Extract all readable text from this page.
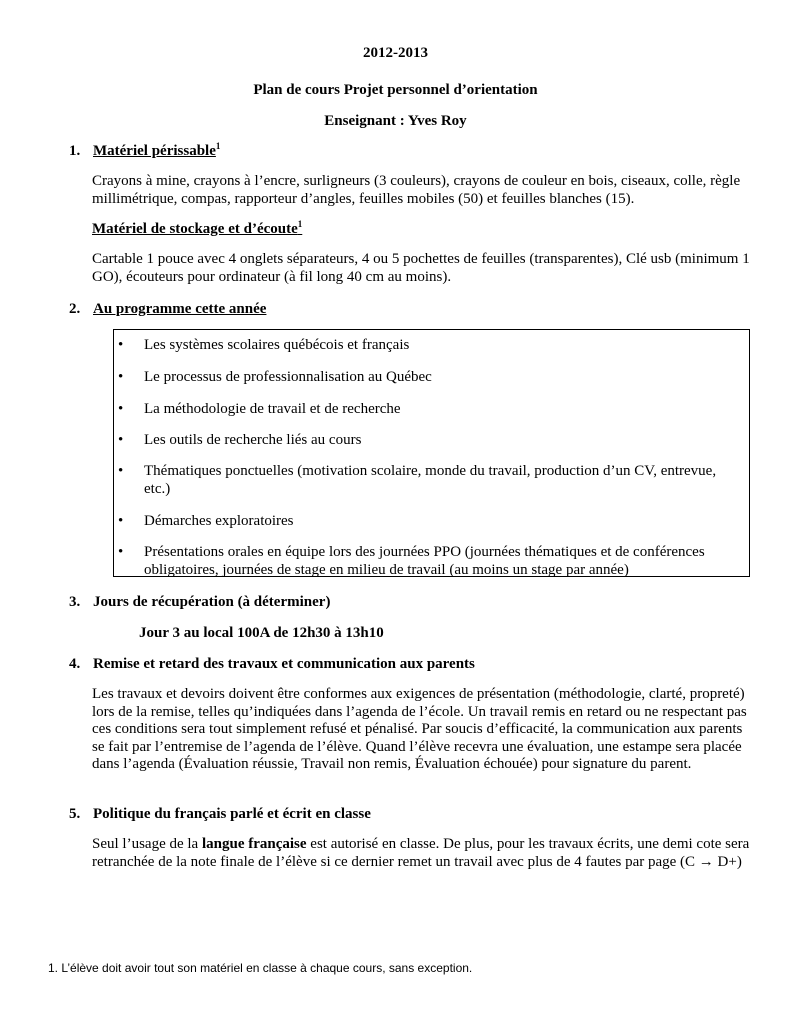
2012-2013
Plan de cours Projet personnel d’orientation
Enseignant : Yves Roy
1. Matériel périssable$^1$
Crayons à mine, crayons à l’encre, surligneurs (3 couleurs), crayons de couleur en bois, ciseaux, colle, règle millimétrique, compas, rapporteur d’angles, feuilles mobiles (50) et feuilles blanches (15).
Matériel de stockage et d’écoute$^1$
Cartable 1 pouce avec 4 onglets séparateurs, 4 ou 5 pochettes de feuilles (transparentes), Clé usb (minimum 1 GO), écouteurs pour ordinateur (à fil long 40 cm au moins).
2. Au programme cette année
• Les systèmes scolaires québécois et français
• Le processus de professionnalisation au Québec
• La méthodologie de travail et de recherche
• Les outils de recherche liés au cours
• Thématiques ponctuelles (motivation scolaire, monde du travail, production d’un CV, entrevue, etc.)
• Démarches exploratoires
• Présentations orales en équipe lors des journées PPO (journées thématiques et de conférences obligatoires, journées de stage en milieu de travail (au moins un stage par année)
3. Jours de récupération (à déterminer)
Jour 3 au local 100A de 12h30 à 13h10
4. Remise et retard des travaux et communication aux parents
Les travaux et devoirs doivent être conformes aux exigences de présentation (méthodologie, clarté, propreté) lors de la remise, telles qu’indiquées dans l’agenda de l’école. Un travail remis en retard ou ne respectant pas ces conditions sera tout simplement refusé et pénalisé. Par soucis d’efficacité, la communication aux parents se fait par l’entremise de l’agenda de l’élève. Quand l’élève recevra une évaluation, une estampe sera placée dans l’agenda (Évaluation réussie, Travail non remis, Évaluation échouée) pour signature du parent.
5. Politique du français parlé et écrit en classe
Seul l’usage de la langue française est autorisé en classe. De plus, pour les travaux écrits, une demi cote sera retranchée de la note finale de l’élève si ce dernier remet un travail avec plus de 4 fautes par page (C → D+)
1. L’élève doit avoir tout son matériel en classe à chaque cours, sans exception.
